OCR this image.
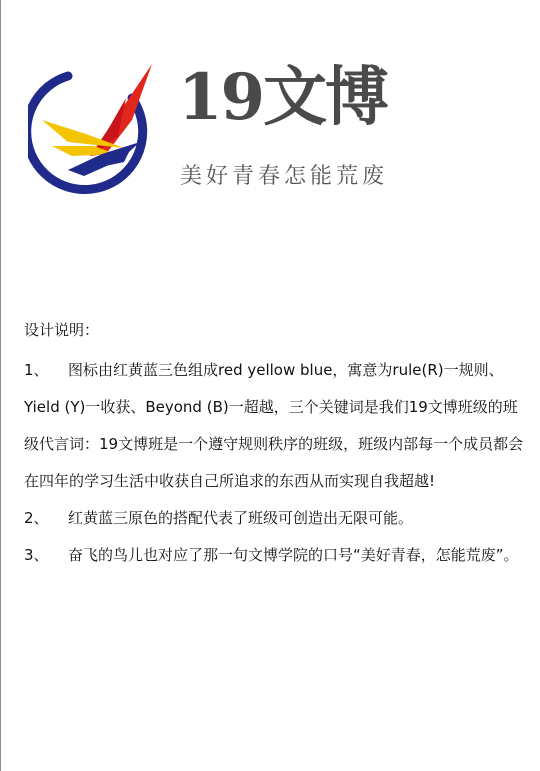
19文博
美好青春怎能荒废
设计说明：
1、 图标由红黄蓝三色组成red yellow blue，寓意为rule(R)一规则、Yield (Y)一收获、Beyond (B)一超越，三个关键词是我们19文博班级的班级代言词：19文博班是一个遵守规则秩序的班级，班级内部每一个成员都会在四年的学习生活中收获自己所追求的东西从而实现自我超越!
2、 红黄蓝三原色的搭配代表了班级可创造出无限可能。
3、 奋飞的鸟儿也对应了那一句文博学院的口号“美好青春，怎能荒废”。
